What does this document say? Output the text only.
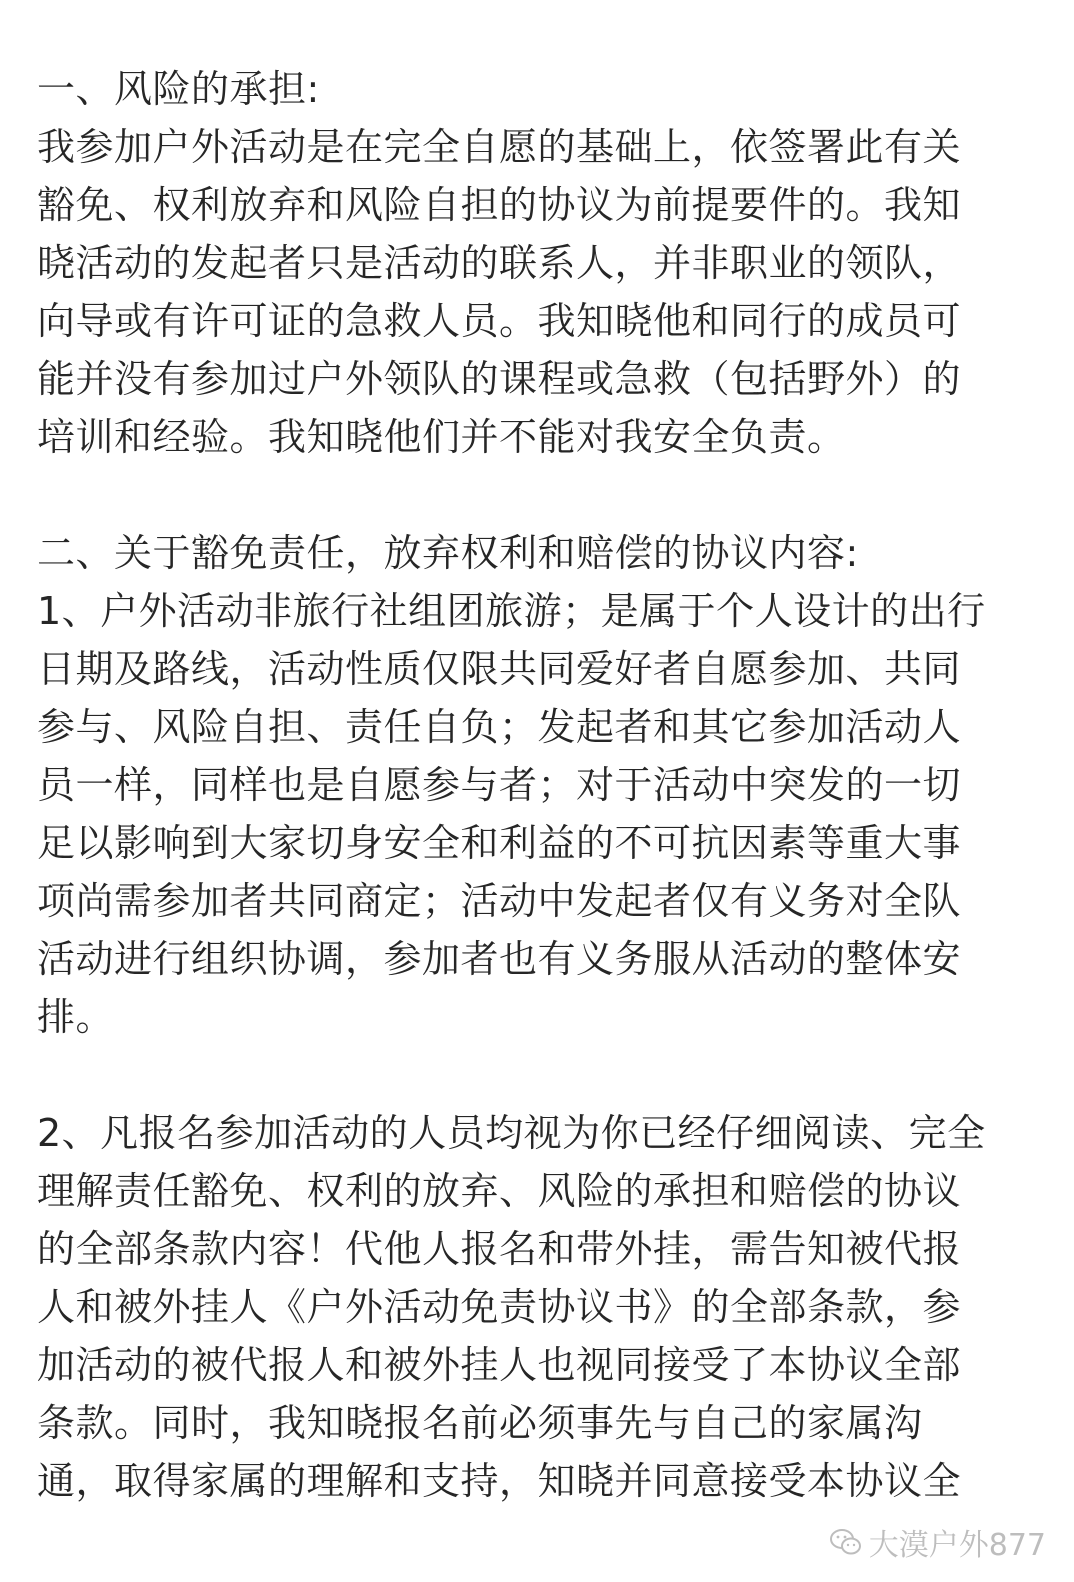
一、风险的承担:
我参加户外活动是在完全自愿的基础上，依签署此有关
豁免、权利放弃和风险自担的协议为前提要件的。我知
晓活动的发起者只是活动的联系人，并非职业的领队，
向导或有许可证的急救人员。我知晓他和同行的成员可
能并没有参加过户外领队的课程或急救（包括野外）的
培训和经验。我知晓他们并不能对我安全负责。
二、关于豁免责任，放弃权利和赔偿的协议内容:
1、户外活动非旅行社组团旅游；是属于个人设计的出行
日期及路线，活动性质仅限共同爱好者自愿参加、共同
参与、风险自担、责任自负；发起者和其它参加活动人
员一样，同样也是自愿参与者；对于活动中突发的一切
足以影响到大家切身安全和利益的不可抗因素等重大事
项尚需参加者共同商定；活动中发起者仅有义务对全队
活动进行组织协调，参加者也有义务服从活动的整体安
排。
2、凡报名参加活动的人员均视为你已经仔细阅读、完全
理解责任豁免、权利的放弃、风险的承担和赔偿的协议
的全部条款内容！代他人报名和带外挂，需告知被代报
人和被外挂人《户外活动免责协议书》的全部条款，参
加活动的被代报人和被外挂人也视同接受了本协议全部
条款。同时，我知晓报名前必须事先与自己的家属沟
通，取得家属的理解和支持，知晓并同意接受本协议全
大漠户外877
